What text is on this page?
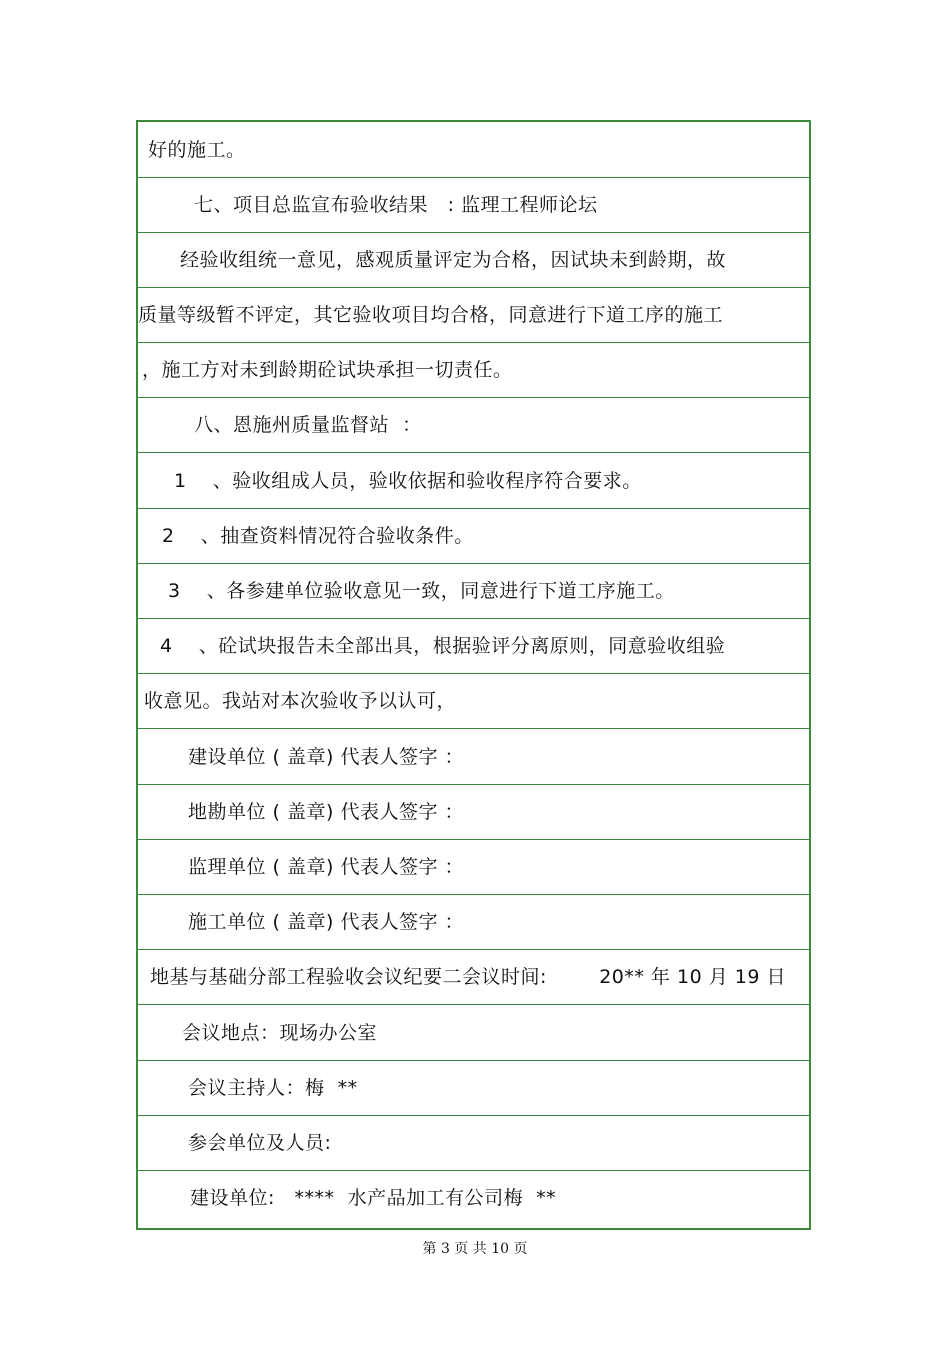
好的施工。
七、项目总监宣布验收结果   : 监理工程师论坛
经验收组统一意见，感观质量评定为合格，因试块未到龄期，故
质量等级暂不评定，其它验收项目均合格，同意进行下道工序的施工
，施工方对未到龄期砼试块承担一切责任。
八、恩施州质量监督站  ：
1    、验收组成人员，验收依据和验收程序符合要求。
2    、抽查资料情况符合验收条件。
3    、各参建单位验收意见一致，同意进行下道工序施工。
4    、砼试块报告未全部出具，根据验评分离原则，同意验收组验
收意见。我站对本次验收予以认可，
建设单位 ( 盖章) 代表人签字 ：
地勘单位 ( 盖章) 代表人签字 ：
监理单位 ( 盖章) 代表人签字 ：
施工单位 ( 盖章) 代表人签字 ：
地基与基础分部工程验收会议纪要二会议时间:        20** 年 10 月 19 日
会议地点：现场办公室
会议主持人：梅  **
参会单位及人员:
建设单位:   ****  水产品加工有公司梅  **
第 3 页 共 10 页
